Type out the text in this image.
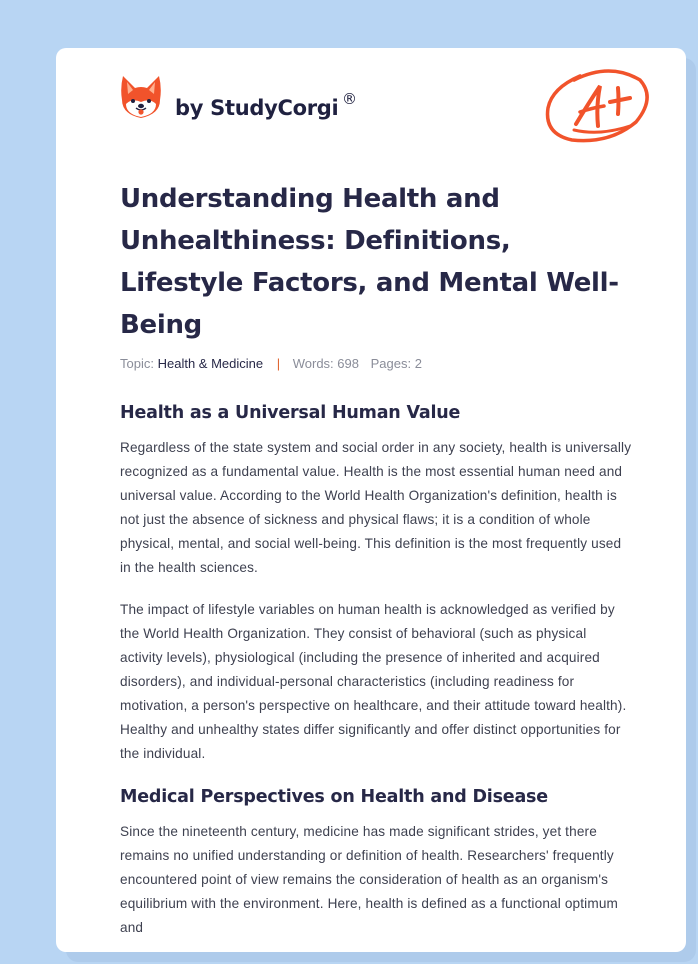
by StudyCorgi ®
Understanding Health and Unhealthiness: Definitions, Lifestyle Factors, and Mental Well-Being
Topic: Health & Medicine | Words: 698 Pages: 2
Health as a Universal Human Value

Regardless of the state system and social order in any society, health is universally recognized as a fundamental value. Health is the most essential human need and universal value. According to the World Health Organization's definition, health is not just the absence of sickness and physical flaws; it is a condition of whole physical, mental, and social well-being. This definition is the most frequently used in the health sciences.

The impact of lifestyle variables on human health is acknowledged as verified by the World Health Organization. They consist of behavioral (such as physical activity levels), physiological (including the presence of inherited and acquired disorders), and individual-personal characteristics (including readiness for motivation, a person's perspective on healthcare, and their attitude toward health). Healthy and unhealthy states differ significantly and offer distinct opportunities for the individual.

Medical Perspectives on Health and Disease

Since the nineteenth century, medicine has made significant strides, yet there remains no unified understanding or definition of health. Researchers' frequently encountered point of view remains the consideration of health as an organism's equilibrium with the environment. Here, health is defined as a functional optimum and
